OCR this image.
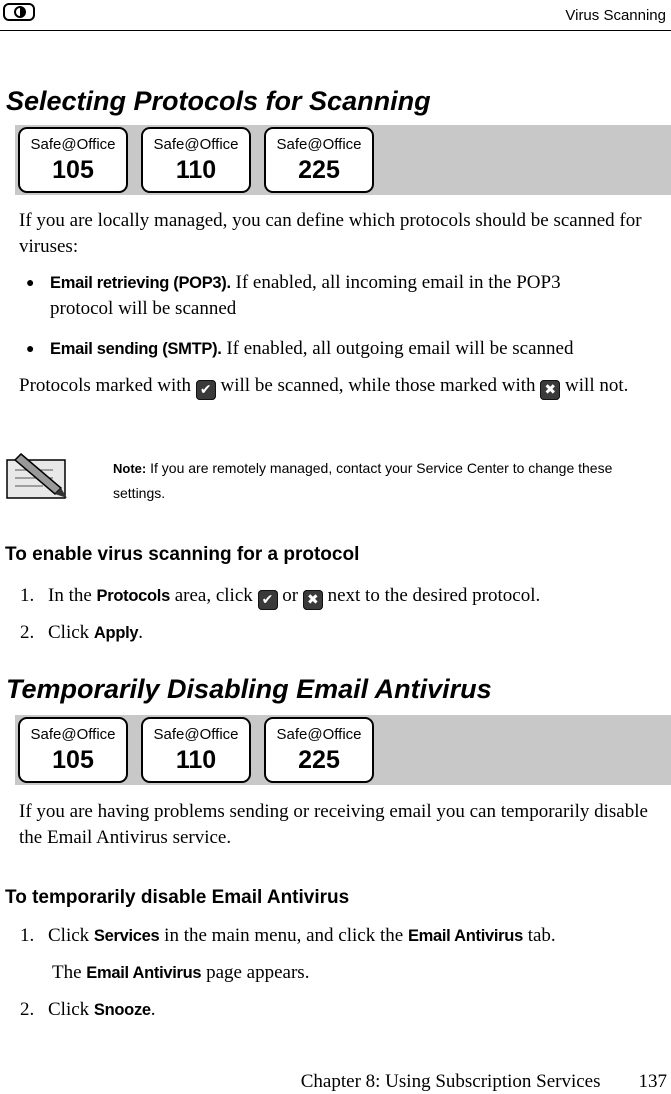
Virus Scanning
Selecting Protocols for Scanning
Safe@Office
105
Safe@Office
110
Safe@Office
225
If you are locally managed, you can define which protocols should be scanned for viruses:
● Email retrieving (POP3). If enabled, all incoming email in the POP3
protocol will be scanned
● Email sending (SMTP). If enabled, all outgoing email will be scanned
Protocols marked with ✔ will be scanned, while those marked with ✖ will not.
Note: If you are remotely managed, contact your Service Center to change these settings.
To enable virus scanning for a protocol
1. In the Protocols area, click ✔ or ✖ next to the desired protocol.
2. Click Apply.
Temporarily Disabling Email Antivirus
Safe@Office
105
Safe@Office
110
Safe@Office
225
If you are having problems sending or receiving email you can temporarily disable the Email Antivirus service.
To temporarily disable Email Antivirus
1. Click Services in the main menu, and click the Email Antivirus tab.
The Email Antivirus page appears.
2. Click Snooze.
Chapter 8: Using Subscription Services 137
